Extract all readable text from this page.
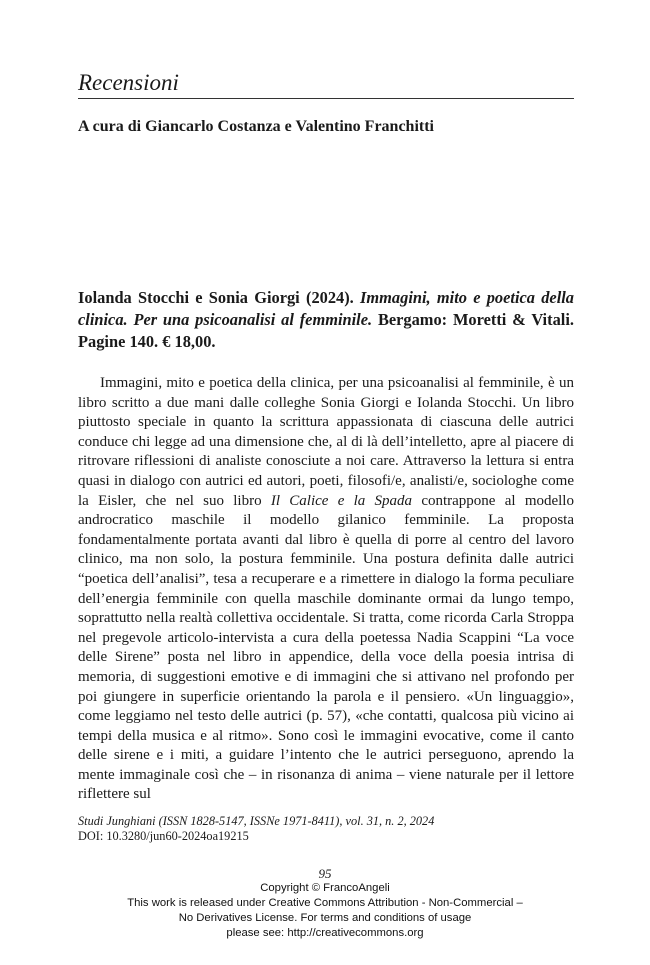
Recensioni
A cura di Giancarlo Costanza e Valentino Franchitti
Iolanda Stocchi e Sonia Giorgi (2024). Immagini, mito e poetica della clinica. Per una psicoanalisi al femminile. Bergamo: Moretti & Vitali. Pagine 140. € 18,00.

Immagini, mito e poetica della clinica, per una psicoanalisi al femminile, è un libro scritto a due mani dalle colleghe Sonia Giorgi e Iolanda Stocchi. Un libro piuttosto speciale in quanto la scrittura appassionata di ciascuna delle autrici conduce chi legge ad una dimensione che, al di là dell’intelletto, apre al piacere di ritrovare riflessioni di analiste conosciute a noi care. Attraverso la lettura si entra quasi in dialogo con autrici ed autori, poeti, filosofi/e, analisti/e, sociologhe come la Eisler, che nel suo libro Il Calice e la Spada contrappone al modello androcratico maschile il modello gilanico femminile. La proposta fondamentalmente portata avanti dal libro è quella di porre al centro del lavoro clinico, ma non solo, la postura femminile. Una postura definita dalle autrici “poetica dell’analisi”, tesa a recuperare e a rimettere in dialogo la forma peculiare dell’energia femminile con quella maschile dominante ormai da lungo tempo, soprattutto nella realtà collettiva occidentale. Si tratta, come ricorda Carla Stroppa nel pregevole articolo-intervista a cura della poetessa Nadia Scappini “La voce delle Sirene” posta nel libro in appendice, della voce della poesia intrisa di memoria, di suggestioni emotive e di immagini che si attivano nel profondo per poi giungere in superficie orientando la parola e il pensiero. «Un linguaggio», come leggiamo nel testo delle autrici (p. 57), «che contatti, qualcosa più vicino ai tempi della musica e al ritmo». Sono così le immagini evocative, come il canto delle sirene e i miti, a guidare l’intento che le autrici perseguono, aprendo la mente immaginale così che – in risonanza di anima – viene naturale per il lettore riflettere sul

Studi Junghiani (ISSN 1828-5147, ISSNe 1971-8411), vol. 31, n. 2, 2024
DOI: 10.3280/jun60-2024oa19215
95
Copyright © FrancoAngeli
This work is released under Creative Commons Attribution - Non-Commercial –
No Derivatives License. For terms and conditions of usage
please see: http://creativecommons.org
